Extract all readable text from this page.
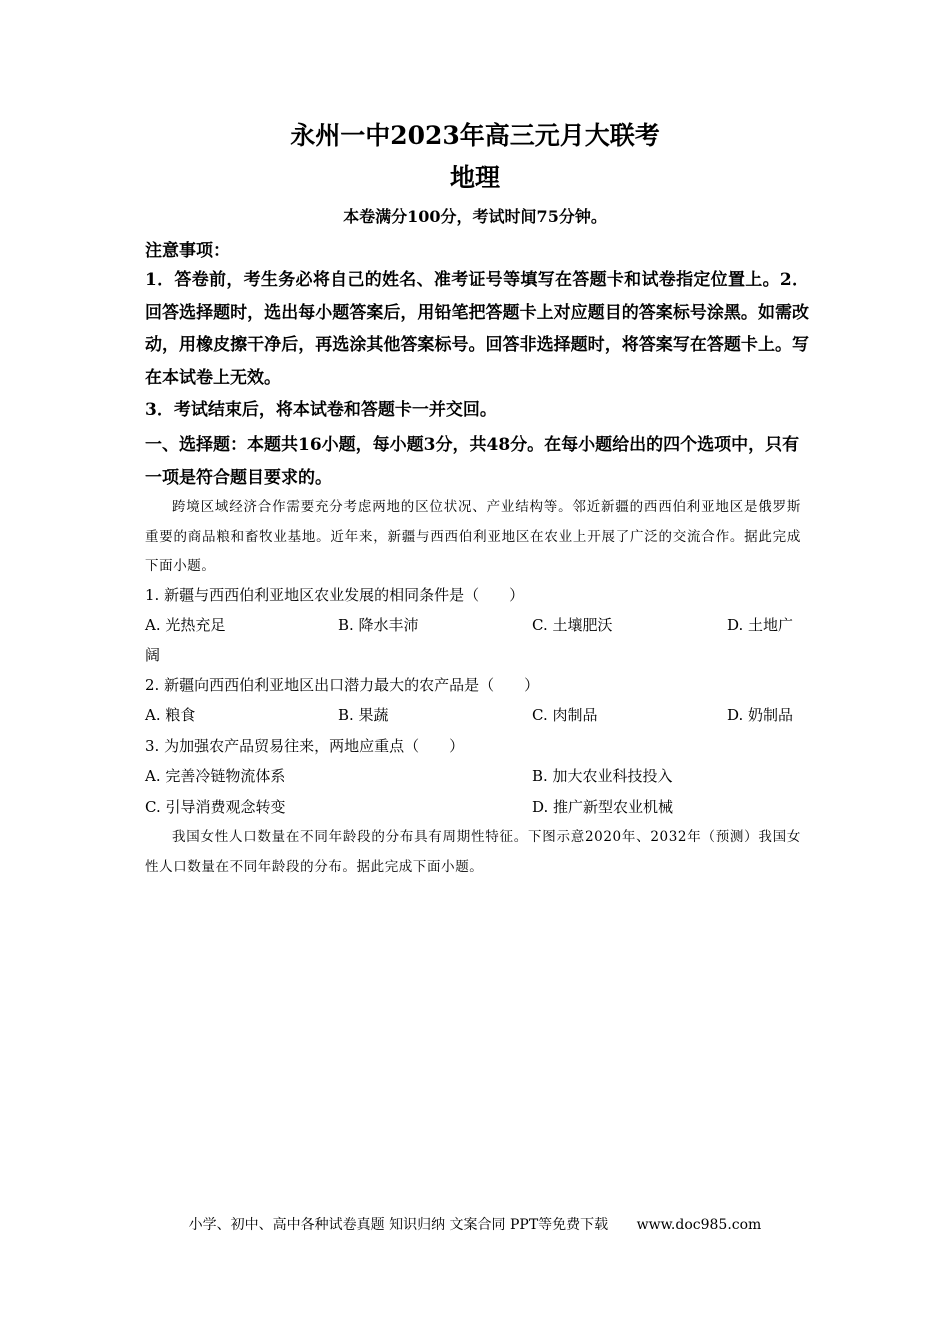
永州一中2023年高三元月大联考
地理
本卷满分100分，考试时间75分钟。
注意事项：

1．答卷前，考生务必将自己的姓名、准考证号等填写在答题卡和试卷指定位置上。2．回答选择题时，选出每小题答案后，用铅笔把答题卡上对应题目的答案标号涂黑。如需改动，用橡皮擦干净后，再选涂其他答案标号。回答非选择题时，将答案写在答题卡上。写在本试卷上无效。

3．考试结束后，将本试卷和答题卡一并交回。

一、选择题：本题共16小题，每小题3分，共48分。在每小题给出的四个选项中，只有一项是符合题目要求的。

跨境区域经济合作需要充分考虑两地的区位状况、产业结构等。邻近新疆的西西伯利亚地区是俄罗斯重要的商品粮和畜牧业基地。近年来，新疆与西西伯利亚地区在农业上开展了广泛的交流合作。据此完成下面小题。

1. 新疆与西西伯利亚地区农业发展的相同条件是（　　）
A. 光热充足	B. 降水丰沛	C. 土壤肥沃	D. 土地广
阔
2. 新疆向西西伯利亚地区出口潜力最大的农产品是（　　）
A. 粮食	B. 果蔬	C. 肉制品	D. 奶制品
3. 为加强农产品贸易往来，两地应重点（　　）
A. 完善冷链物流体系	B. 加大农业科技投入
C. 引导消费观念转变	D. 推广新型农业机械

我国女性人口数量在不同年龄段的分布具有周期性特征。下图示意2020年、2032年（预测）我国女性人口数量在不同年龄段的分布。据此完成下面小题。

小学、初中、高中各种试卷真题 知识归纳 文案合同 PPT等免费下载 www.doc985.com
